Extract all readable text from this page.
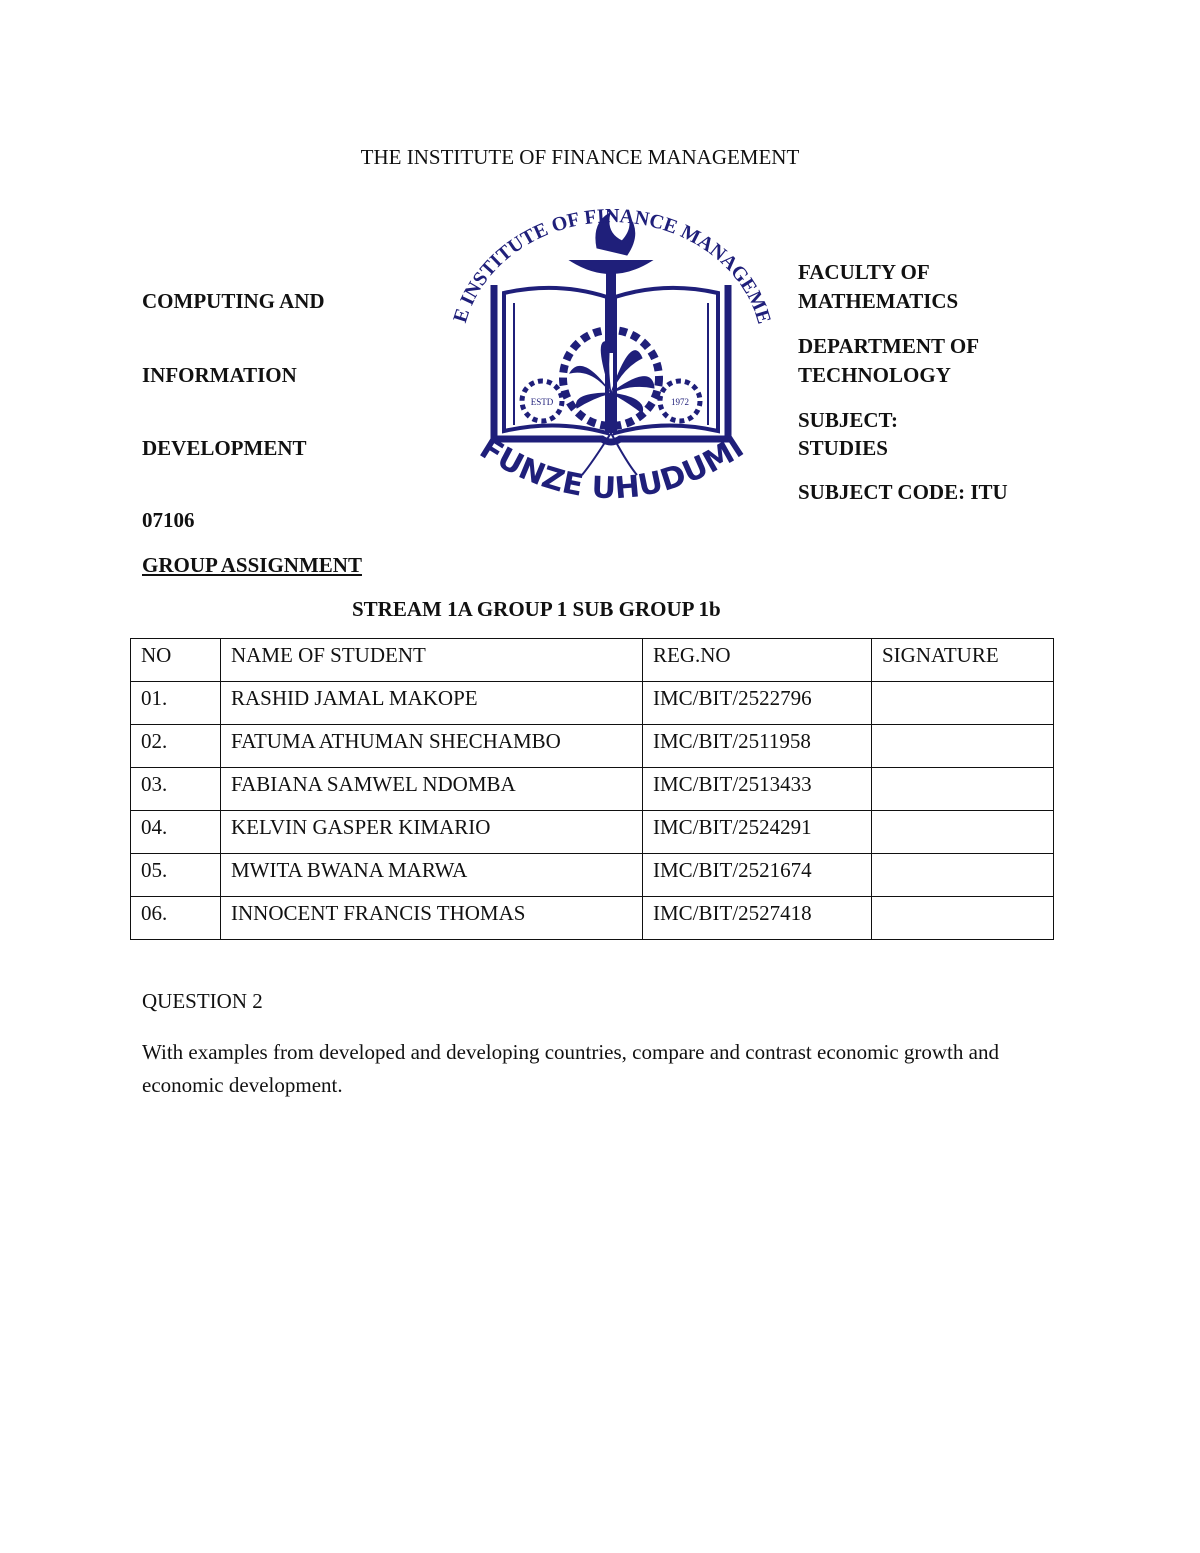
THE INSTITUTE OF FINANCE MANAGEMENT
E INSTITUTE OF FINANCE MANAGEME
FUNZE UHUDUMI
ESTD	1972
COMPUTING AND
INFORMATION
DEVELOPMENT
07106
GROUP ASSIGNMENT
FACULTY OF
MATHEMATICS
DEPARTMENT OF
TECHNOLOGY
SUBJECT:
STUDIES
SUBJECT CODE: ITU
STREAM 1A GROUP 1 SUB GROUP 1b
NO	NAME OF STUDENT	REG.NO	SIGNATURE
01.	RASHID JAMAL MAKOPE	IMC/BIT/2522796	
02.	FATUMA ATHUMAN SHECHAMBO	IMC/BIT/2511958	
03.	FABIANA SAMWEL NDOMBA	IMC/BIT/2513433	
04.	KELVIN GASPER KIMARIO	IMC/BIT/2524291	
05.	MWITA BWANA MARWA	IMC/BIT/2521674	
06.	INNOCENT FRANCIS THOMAS	IMC/BIT/2527418	
QUESTION 2
With examples from developed and developing countries, compare and contrast economic growth and economic development.
